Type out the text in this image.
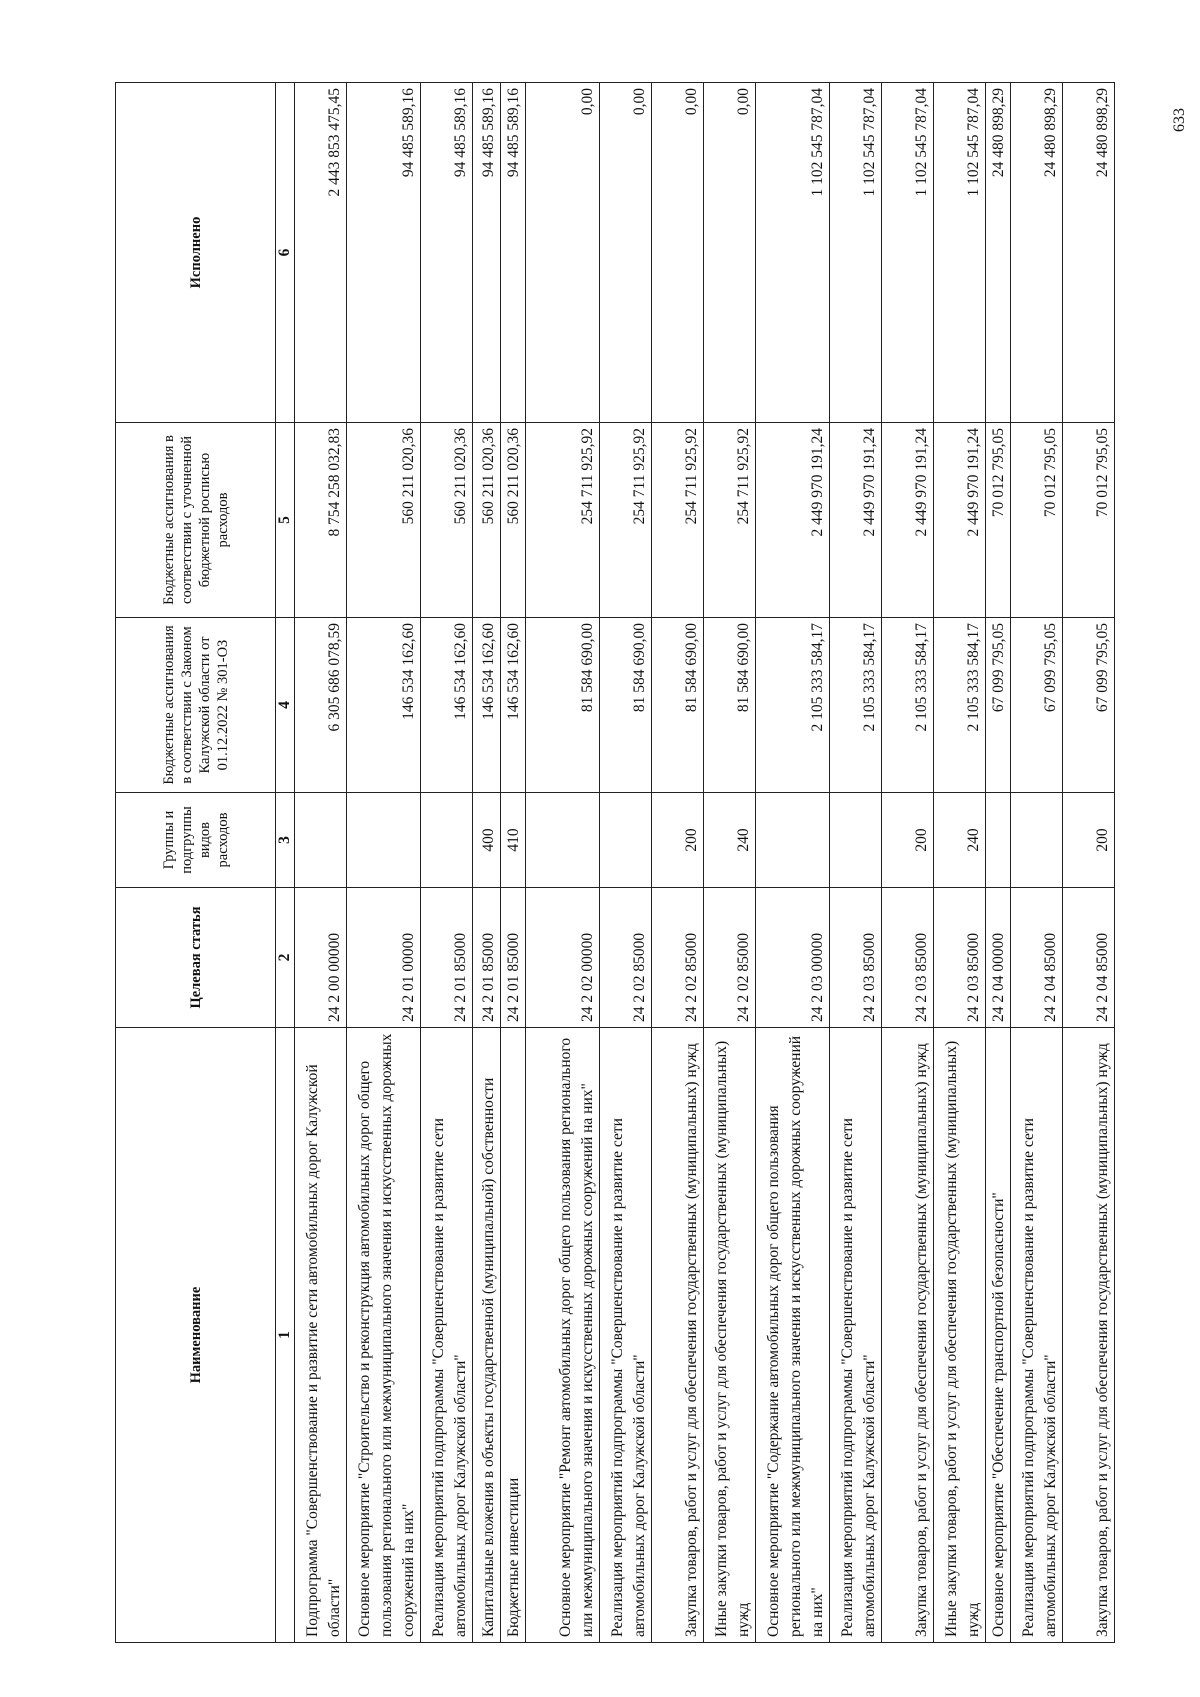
633
Наименование	Целевая статья	Группы и подгруппы видов расходов	Бюджетные ассигнования в соответствии с Законом Калужской области от 01.12.2022 № 301-ОЗ	Бюджетные ассигнования в соответствии с уточненной бюджетной росписью расходов	Исполнено
1	2	3	4	5	6
Подпрограмма "Совершенствование и развитие сети автомобильных дорог Калужской области"	24 2 00 00000		6 305 686 078,59	8 754 258 032,83	2 443 853 475,45
Основное мероприятие "Строительство и реконструкция автомобильных дорог общего пользования регионального или межмуниципального значения и искусственных дорожных сооружений на них"	24 2 01 00000		146 534 162,60	560 211 020,36	94 485 589,16
Реализация мероприятий подпрограммы "Совершенствование и развитие сети автомобильных дорог Калужской области"	24 2 01 85000		146 534 162,60	560 211 020,36	94 485 589,16
Капитальные вложения в объекты государственной (муниципальной) собственности	24 2 01 85000	400	146 534 162,60	560 211 020,36	94 485 589,16
Бюджетные инвестиции	24 2 01 85000	410	146 534 162,60	560 211 020,36	94 485 589,16
Основное мероприятие "Ремонт автомобильных дорог общего пользования регионального или межмуниципального значения и искусственных дорожных сооружений на них"	24 2 02 00000		81 584 690,00	254 711 925,92	0,00
Реализация мероприятий подпрограммы "Совершенствование и развитие сети автомобильных дорог Калужской области"	24 2 02 85000		81 584 690,00	254 711 925,92	0,00
Закупка товаров, работ и услуг для обеспечения государственных (муниципальных) нужд	24 2 02 85000	200	81 584 690,00	254 711 925,92	0,00
Иные закупки товаров, работ и услуг для обеспечения государственных (муниципальных) нужд	24 2 02 85000	240	81 584 690,00	254 711 925,92	0,00
Основное мероприятие "Содержание автомобильных дорог общего пользования регионального или межмуниципального значения и искусственных дорожных сооружений на них"	24 2 03 00000		2 105 333 584,17	2 449 970 191,24	1 102 545 787,04
Реализация мероприятий подпрограммы "Совершенствование и развитие сети автомобильных дорог Калужской области"	24 2 03 85000		2 105 333 584,17	2 449 970 191,24	1 102 545 787,04
Закупка товаров, работ и услуг для обеспечения государственных (муниципальных) нужд	24 2 03 85000	200	2 105 333 584,17	2 449 970 191,24	1 102 545 787,04
Иные закупки товаров, работ и услуг для обеспечения государственных (муниципальных) нужд	24 2 03 85000	240	2 105 333 584,17	2 449 970 191,24	1 102 545 787,04
Основное мероприятие "Обеспечение транспортной безопасности"	24 2 04 00000		67 099 795,05	70 012 795,05	24 480 898,29
Реализация мероприятий подпрограммы "Совершенствование и развитие сети автомобильных дорог Калужской области"	24 2 04 85000		67 099 795,05	70 012 795,05	24 480 898,29
Закупка товаров, работ и услуг для обеспечения государственных (муниципальных) нужд	24 2 04 85000	200	67 099 795,05	70 012 795,05	24 480 898,29
